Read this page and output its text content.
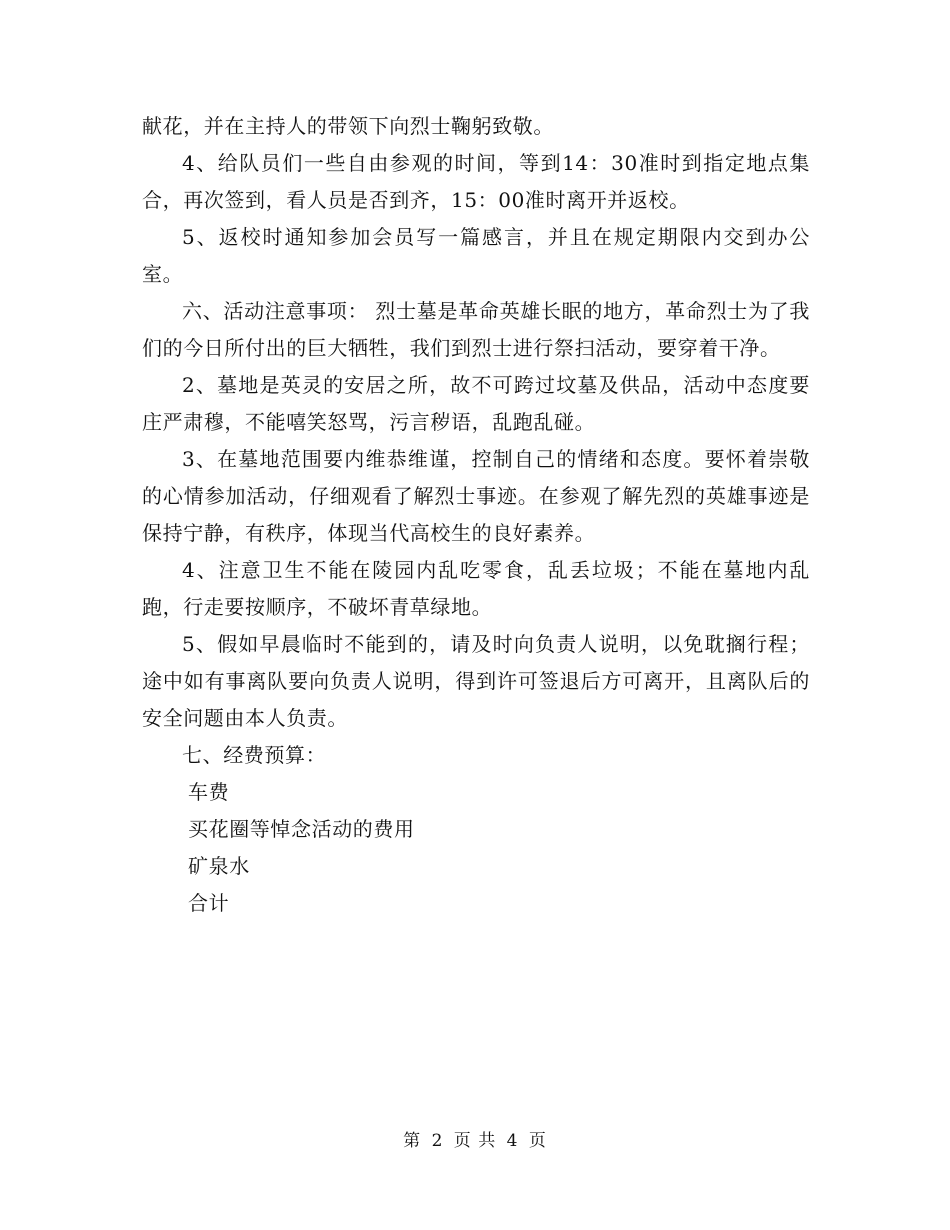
献花，并在主持人的带领下向烈士鞠躬致敬。

4、给队员们一些自由参观的时间，等到14：30准时到指定地点集合，再次签到，看人员是否到齐，15：00准时离开并返校。

5、返校时通知参加会员写一篇感言，并且在规定期限内交到办公室。

六、活动注意事项： 烈士墓是革命英雄长眠的地方，革命烈士为了我们的今日所付出的巨大牺牲，我们到烈士进行祭扫活动，要穿着干净。

2、墓地是英灵的安居之所，故不可跨过坟墓及供品，活动中态度要庄严肃穆，不能嘻笑怒骂，污言秽语，乱跑乱碰。

3、在墓地范围要内维恭维谨，控制自己的情绪和态度。要怀着崇敬的心情参加活动，仔细观看了解烈士事迹。在参观了解先烈的英雄事迹是保持宁静，有秩序，体现当代高校生的良好素养。

4、注意卫生不能在陵园内乱吃零食，乱丢垃圾；不能在墓地内乱跑，行走要按顺序，不破坏青草绿地。

5、假如早晨临时不能到的，请及时向负责人说明，以免耽搁行程；途中如有事离队要向负责人说明，得到许可签退后方可离开，且离队后的安全问题由本人负责。

七、经费预算：

车费

买花圈等悼念活动的费用

矿泉水

合计

第 2 页 共 4 页
